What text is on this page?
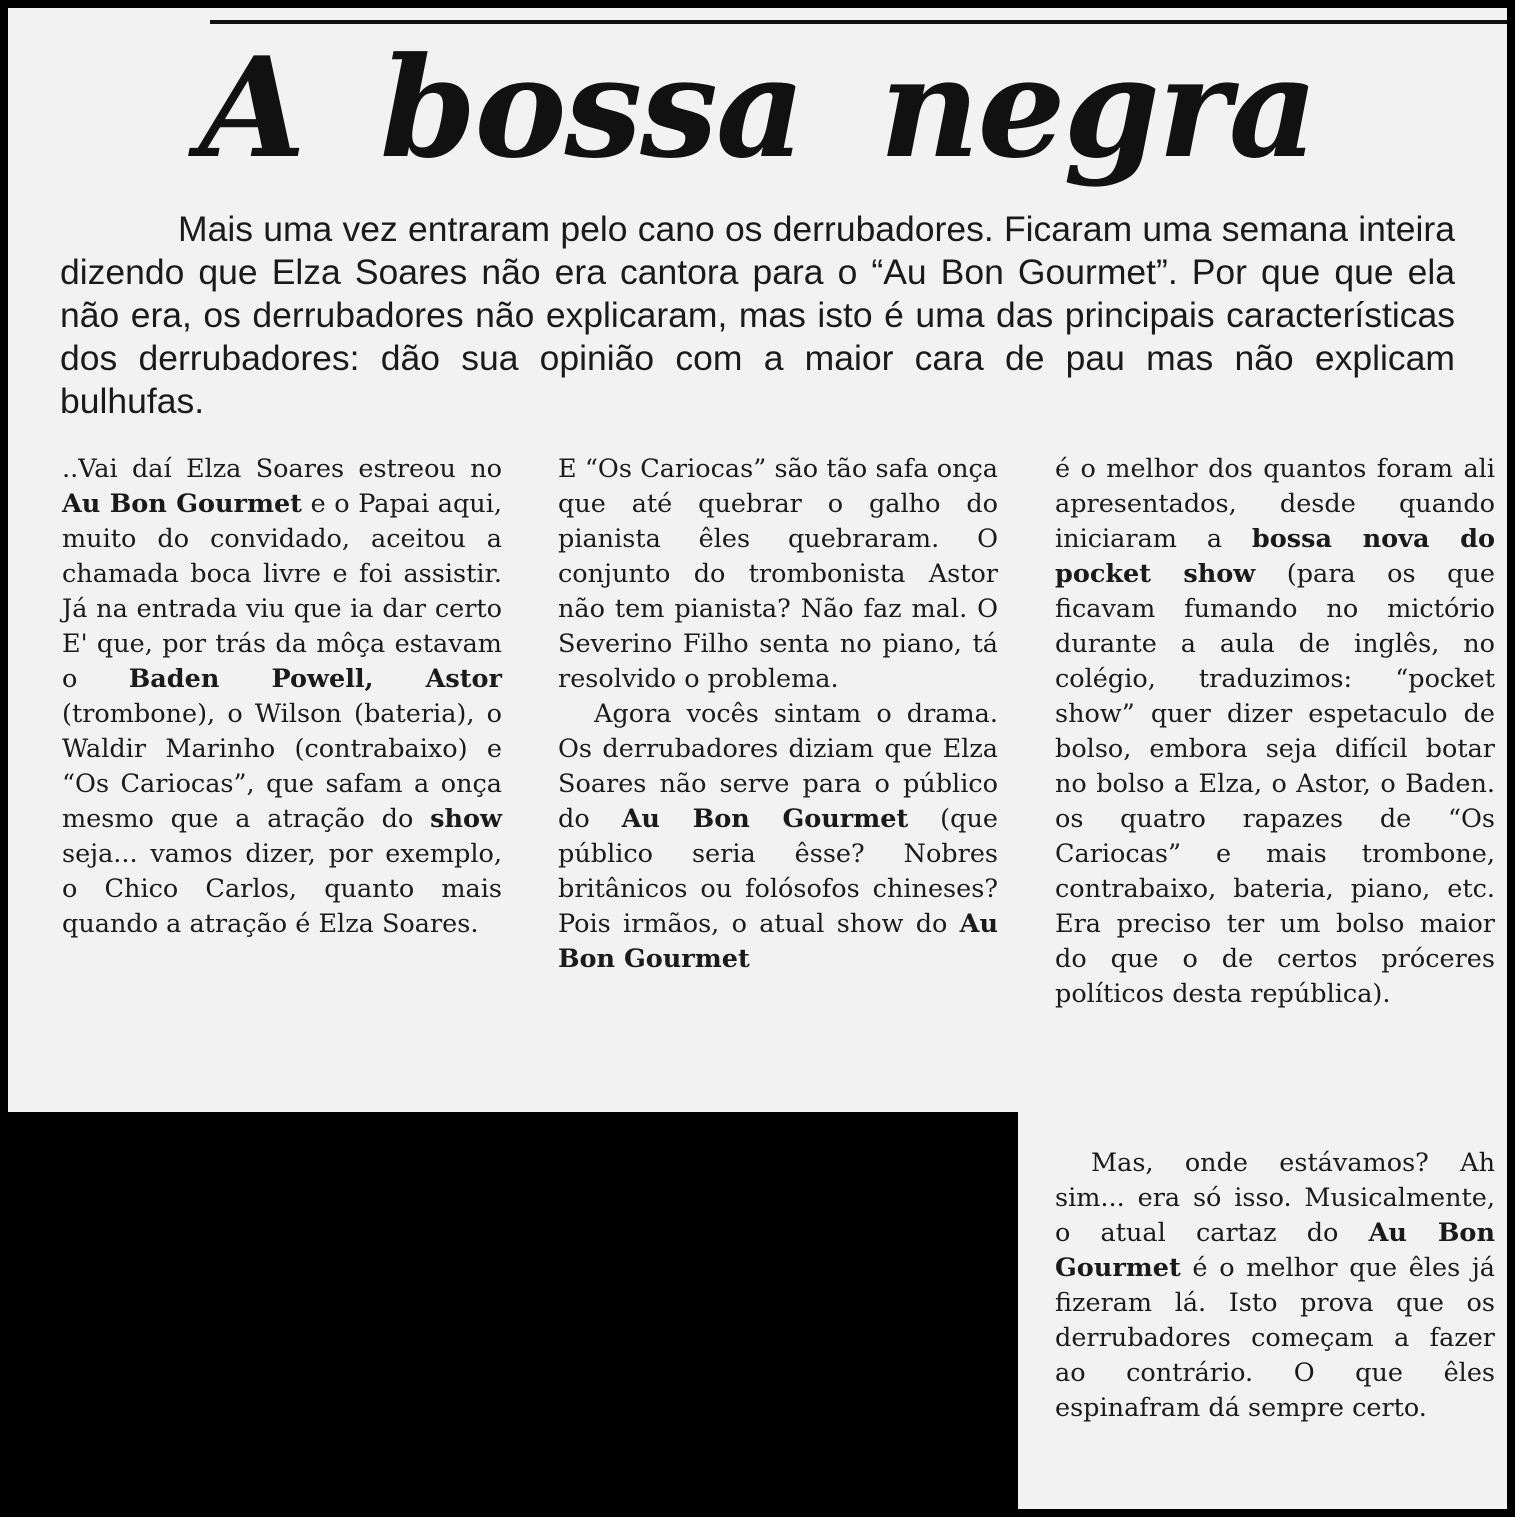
A bossa negra

Mais uma vez entraram pelo cano os derrubadores. Ficaram uma semana inteira dizendo que Elza Soares não era cantora para o “Au Bon Gourmet”. Por que que ela não era, os derrubadores não explicaram, mas isto é uma das principais características dos derrubadores: dão sua opinião com a maior cara de pau mas não explicam bulhufas.

..Vai daí Elza Soares estreou no Au Bon Gourmet e o Papai aqui, muito do convidado, aceitou a chamada boca livre e foi assistir. Já na entrada viu que ia dar certo E' que, por trás da môça estavam o Baden Powell, Astor (trombone), o Wilson (bateria), o Waldir Marinho (contrabaixo) e “Os Cariocas”, que safam a onça mesmo que a atração do show seja... vamos dizer, por exemplo, o Chico Carlos, quanto mais quando a atração é Elza Soares.

E “Os Cariocas” são tão safa onça que até quebrar o galho do pianista êles quebraram. O conjunto do trombonista Astor não tem pianista? Não faz mal. O Severino Filho senta no piano, tá resolvido o problema.

Agora vocês sintam o drama. Os derrubadores diziam que Elza Soares não serve para o público do Au Bon Gourmet (que público seria êsse? Nobres britânicos ou folósofos chineses? Pois irmãos, o atual show do Au Bon Gourmet

é o melhor dos quantos foram ali apresentados, desde quando iniciaram a bossa nova do pocket show (para os que ficavam fumando no mictório durante a aula de inglês, no colégio, traduzimos: “pocket show” quer dizer espetaculo de bolso, embora seja difícil botar no bolso a Elza, o Astor, o Baden. os quatro rapazes de “Os Cariocas” e mais trombone, contrabaixo, bateria, piano, etc. Era preciso ter um bolso maior do que o de certos próceres políticos desta república).

Mas, onde estávamos? Ah sim... era só isso. Musicalmente, o atual cartaz do Au Bon Gourmet é o melhor que êles já fizeram lá. Isto prova que os derrubadores começam a fazer ao contrário. O que êles espinafram dá sempre certo.
